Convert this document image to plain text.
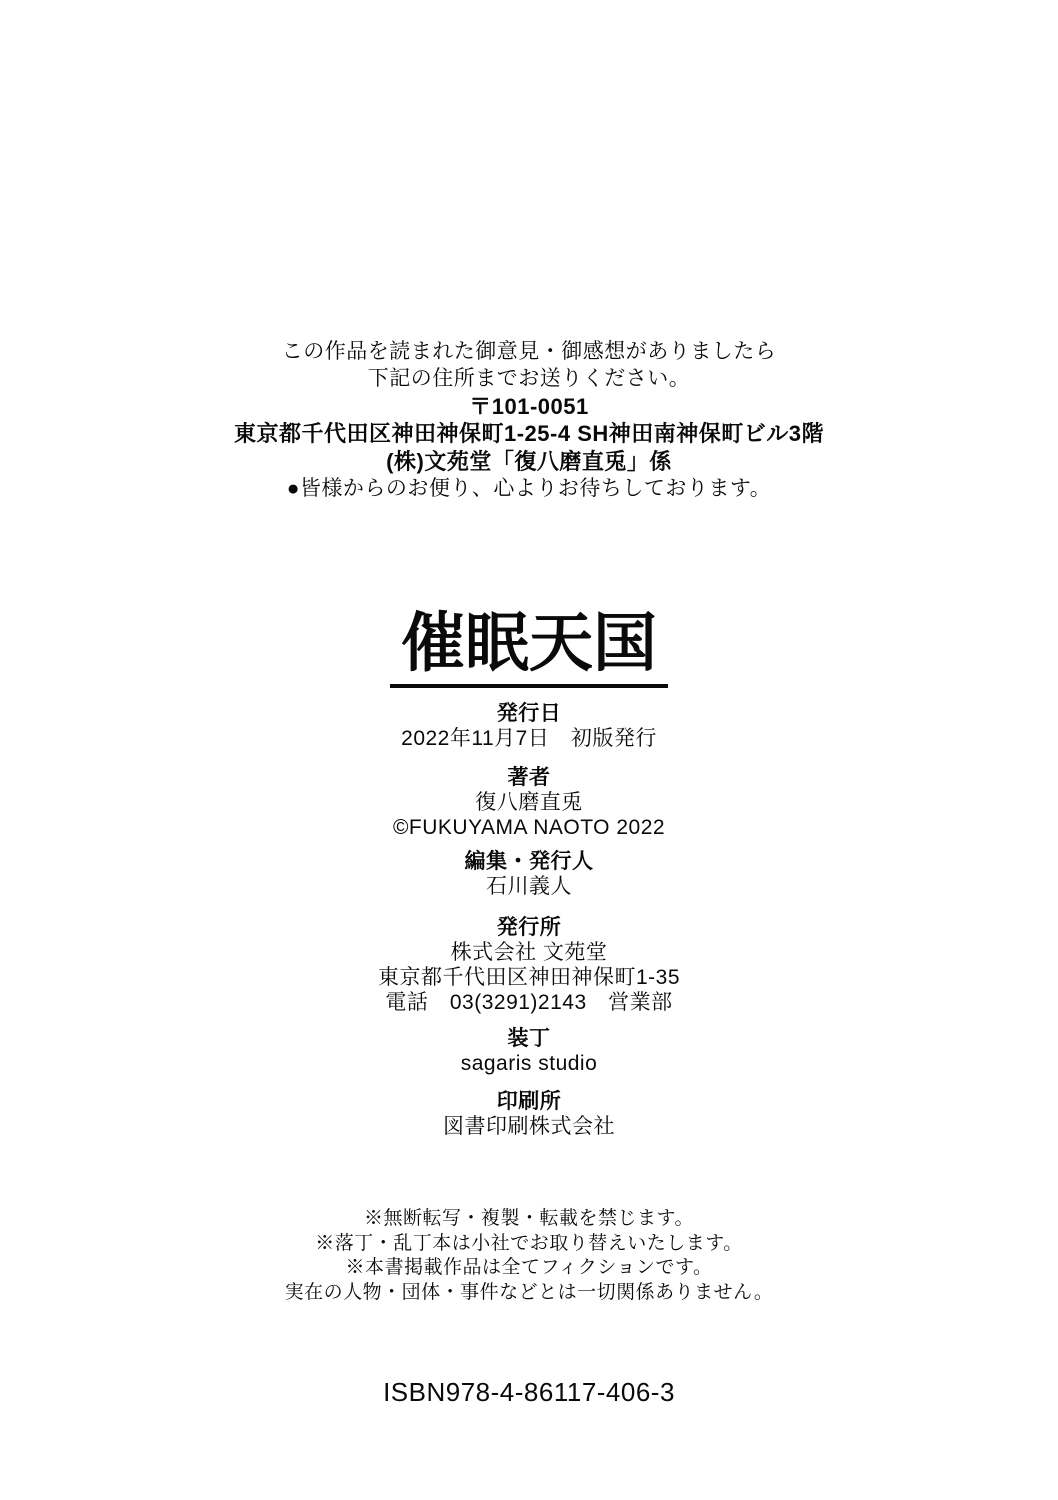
この作品を読まれた御意見・御感想がありましたら
下記の住所までお送りください。
〒101-0051
東京都千代田区神田神保町1-25-4 SH神田南神保町ビル3階
(株)文苑堂「復八磨直兎」係
●皆様からのお便り、心よりお待ちしております。
催眠天国
発行日
2022年11月7日　初版発行
著者
復八磨直兎
©FUKUYAMA NAOTO 2022
編集・発行人
石川義人
発行所
株式会社 文苑堂
東京都千代田区神田神保町1-35
電話　03(3291)2143　営業部
装丁
sagaris studio
印刷所
図書印刷株式会社
※無断転写・複製・転載を禁じます。
※落丁・乱丁本は小社でお取り替えいたします。
※本書掲載作品は全てフィクションです。
実在の人物・団体・事件などとは一切関係ありません。
ISBN978-4-86117-406-3
